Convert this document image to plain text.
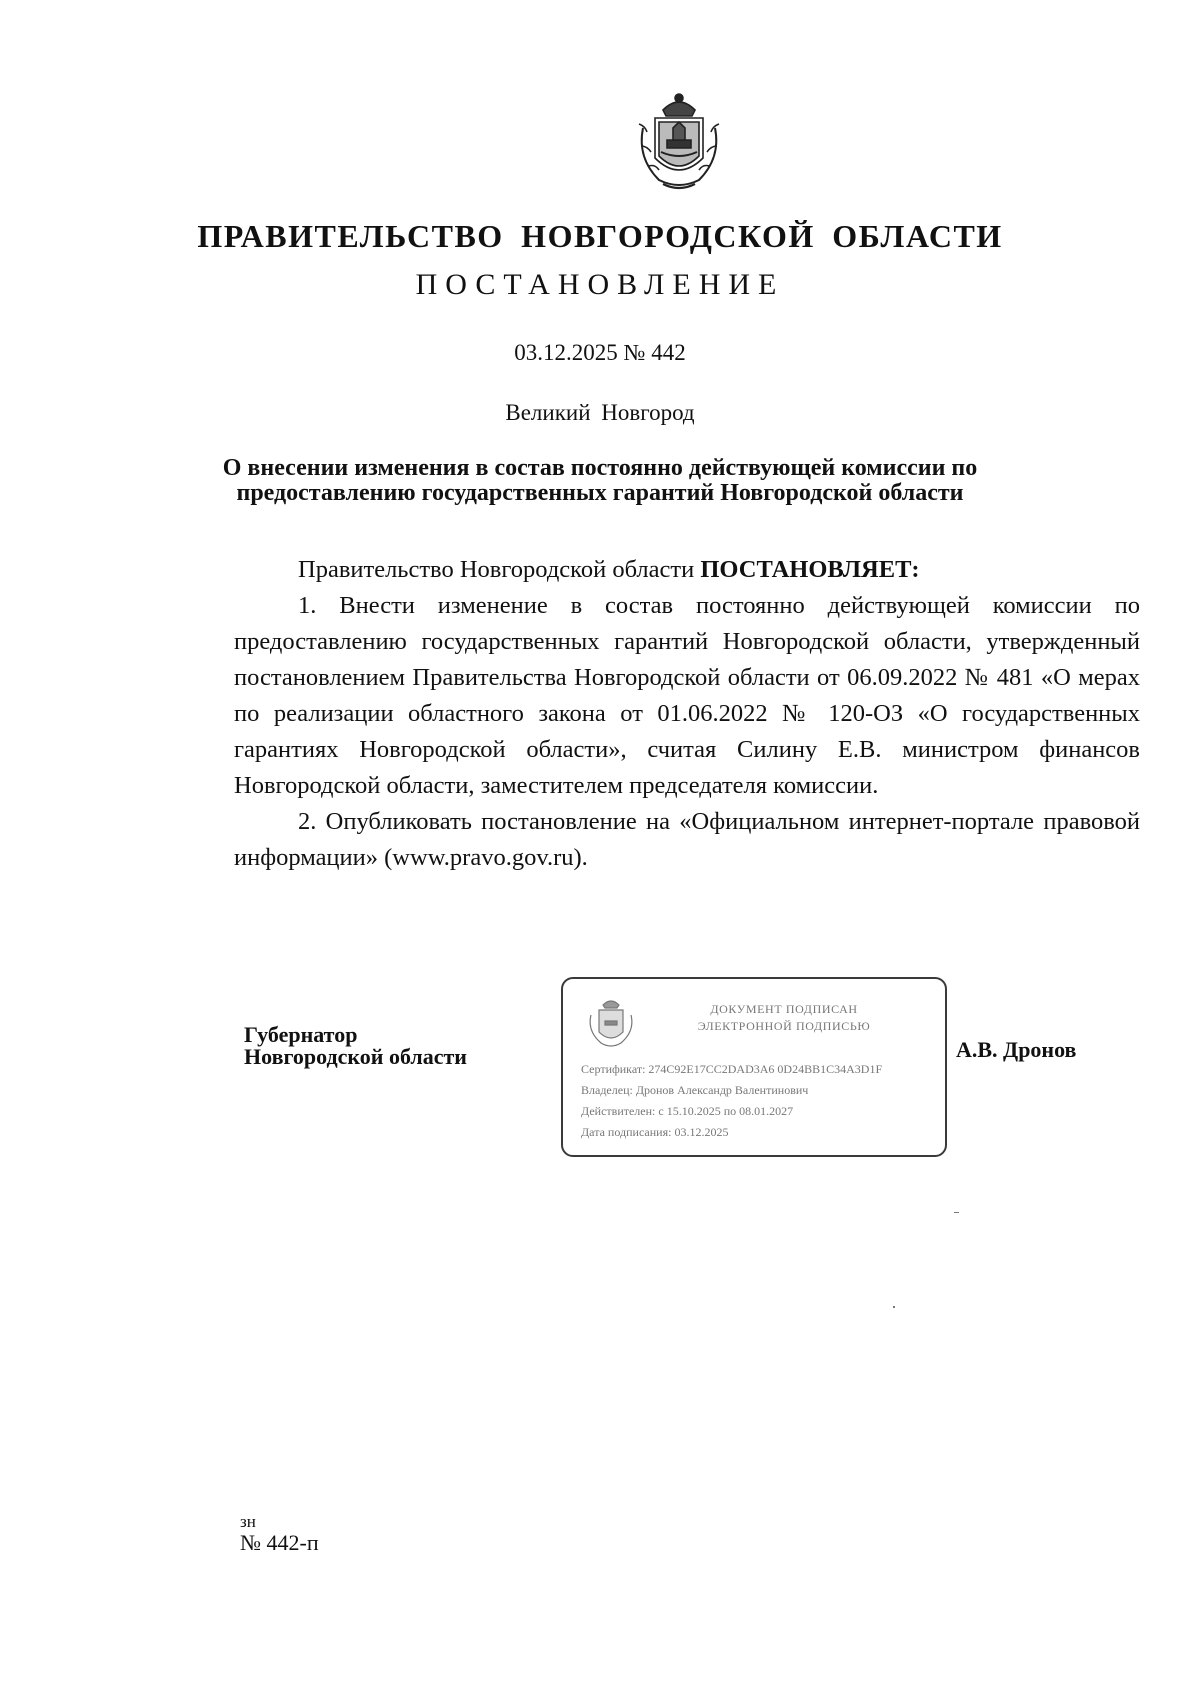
ПРАВИТЕЛЬСТВО НОВГОРОДСКОЙ ОБЛАСТИ
ПОСТАНОВЛЕНИЕ
03.12.2025 № 442
Великий Новгород
О внесении изменения в состав постоянно действующей комиссии по
предоставлению государственных гарантий Новгородской области

Правительство Новгородской области ПОСТАНОВЛЯЕТ:

1. Внести изменение в состав постоянно действующей комиссии по предоставлению государственных гарантий Новгородской области, утвержденный постановлением Правительства Новгородской области от 06.09.2022 № 481 «О мерах по реализации областного закона от 01.06.2022 № 120-ОЗ «О государственных гарантиях Новгородской области», считая Силину Е.В. министром финансов Новгородской области, заместителем председателя комиссии.

2. Опубликовать постановление на «Официальном интернет-портале правовой информации» (www.pravo.gov.ru).

Губернатор
Новгородской области
ДОКУМЕНТ ПОДПИСАН
ЭЛЕКТРОННОЙ ПОДПИСЬЮ
Сертификат: 274C92E17CC2DAD3A6 0D24BB1C34A3D1F
Владелец: Дронов Александр Валентинович
Действителен: с 15.10.2025 по 08.01.2027
Дата подписания: 03.12.2025
А.В. Дронов
зн
№ 442-п
